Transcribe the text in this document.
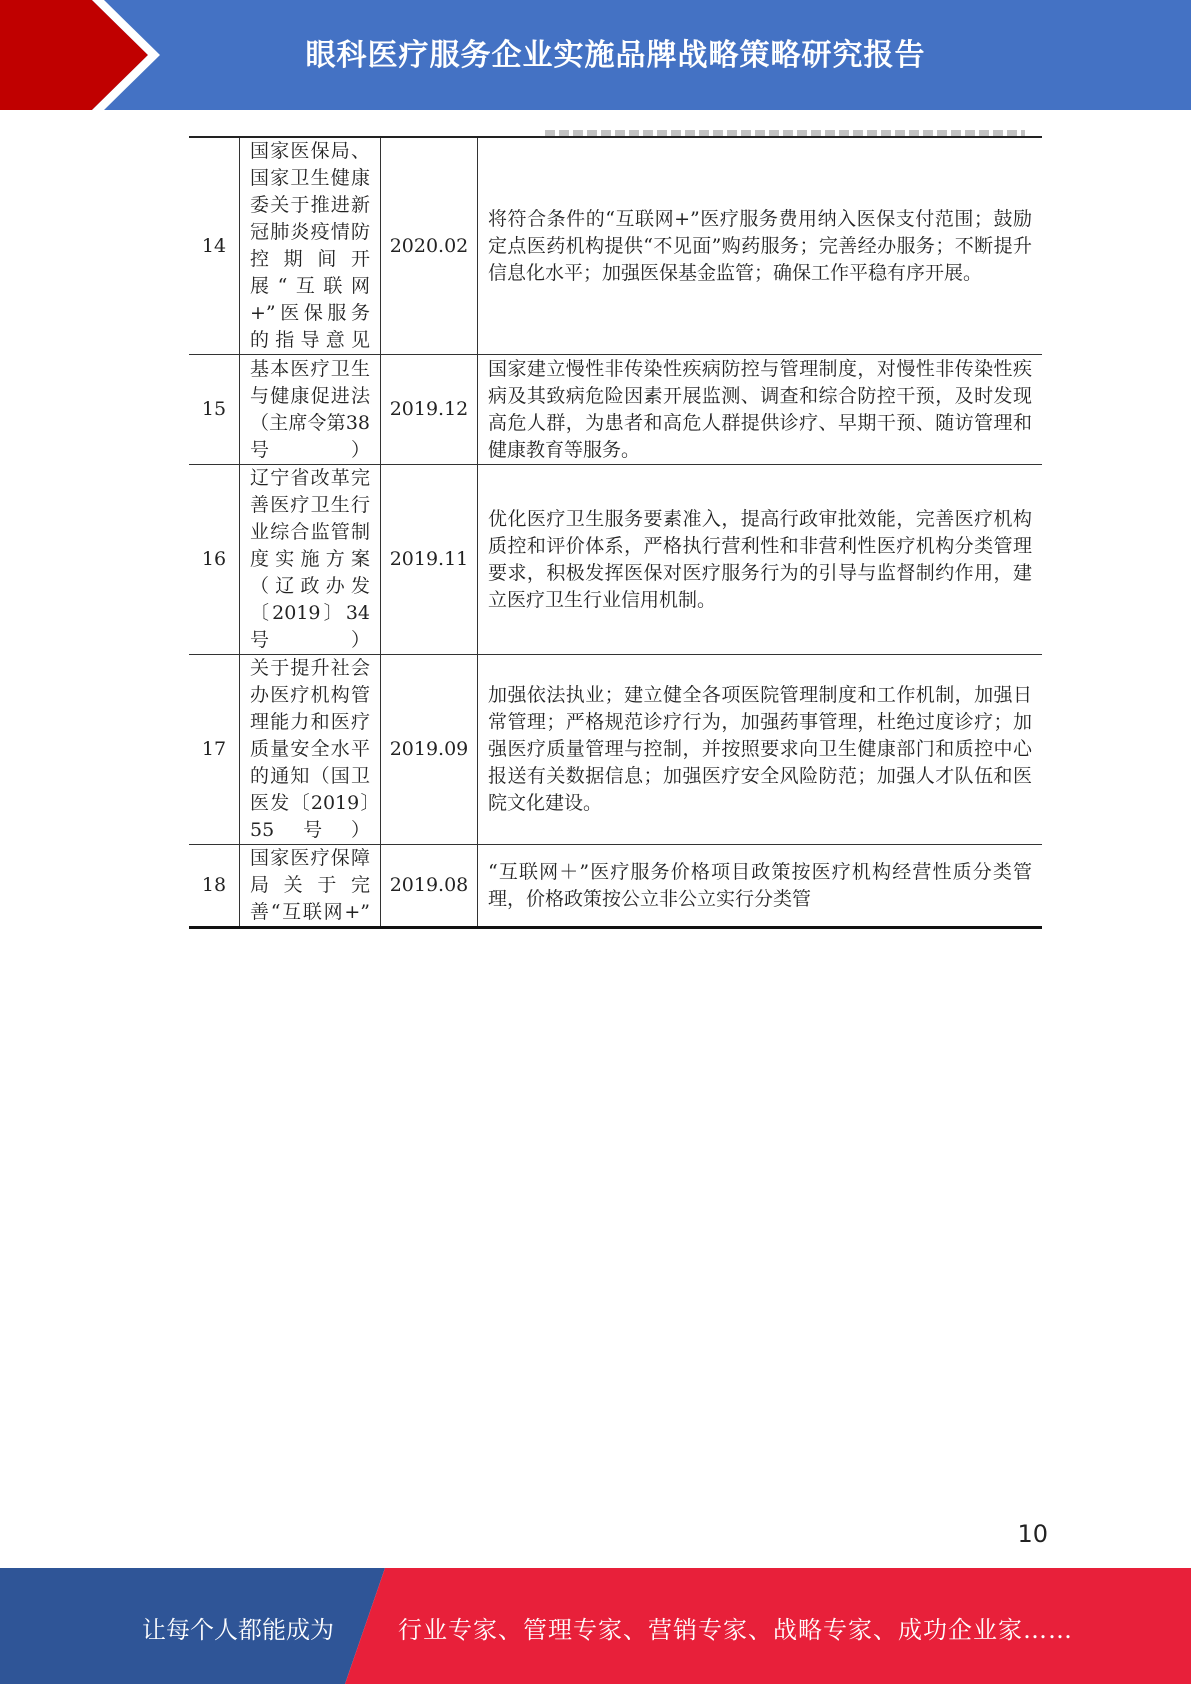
眼科医疗服务企业实施品牌战略策略研究报告
14	国家医保局、国家卫生健康委关于推进新冠肺炎疫情防控期间开展“互联网+”医保服务的指导意见	2020.02	将符合条件的“互联网+”医疗服务费用纳入医保支付范围；鼓励定点医药机构提供“不见面”购药服务；完善经办服务；不断提升信息化水平；加强医保基金监管；确保工作平稳有序开展。
15	基本医疗卫生与健康促进法（主席令第38号）	2019.12	国家建立慢性非传染性疾病防控与管理制度，对慢性非传染性疾病及其致病危险因素开展监测、调查和综合防控干预，及时发现高危人群，为患者和高危人群提供诊疗、早期干预、随访管理和健康教育等服务。
16	辽宁省改革完善医疗卫生行业综合监管制度实施方案（辽政办发〔2019〕34号）	2019.11	优化医疗卫生服务要素准入，提高行政审批效能，完善医疗机构质控和评价体系，严格执行营利性和非营利性医疗机构分类管理要求，积极发挥医保对医疗服务行为的引导与监督制约作用，建立医疗卫生行业信用机制。
17	关于提升社会办医疗机构管理能力和医疗质量安全水平的通知（国卫医发〔2019〕55号）	2019.09	加强依法执业；建立健全各项医院管理制度和工作机制，加强日常管理；严格规范诊疗行为，加强药事管理，杜绝过度诊疗；加强医疗质量管理与控制，并按照要求向卫生健康部门和质控中心报送有关数据信息；加强医疗安全风险防范；加强人才队伍和医院文化建设。
18	国家医疗保障局关于完善“互联网+”	2019.08	“互联网＋”医疗服务价格项目政策按医疗机构经营性质分类管理，价格政策按公立非公立实行分类管
10
让每个人都能成为	行业专家、管理专家、营销专家、战略专家、成功企业家……
